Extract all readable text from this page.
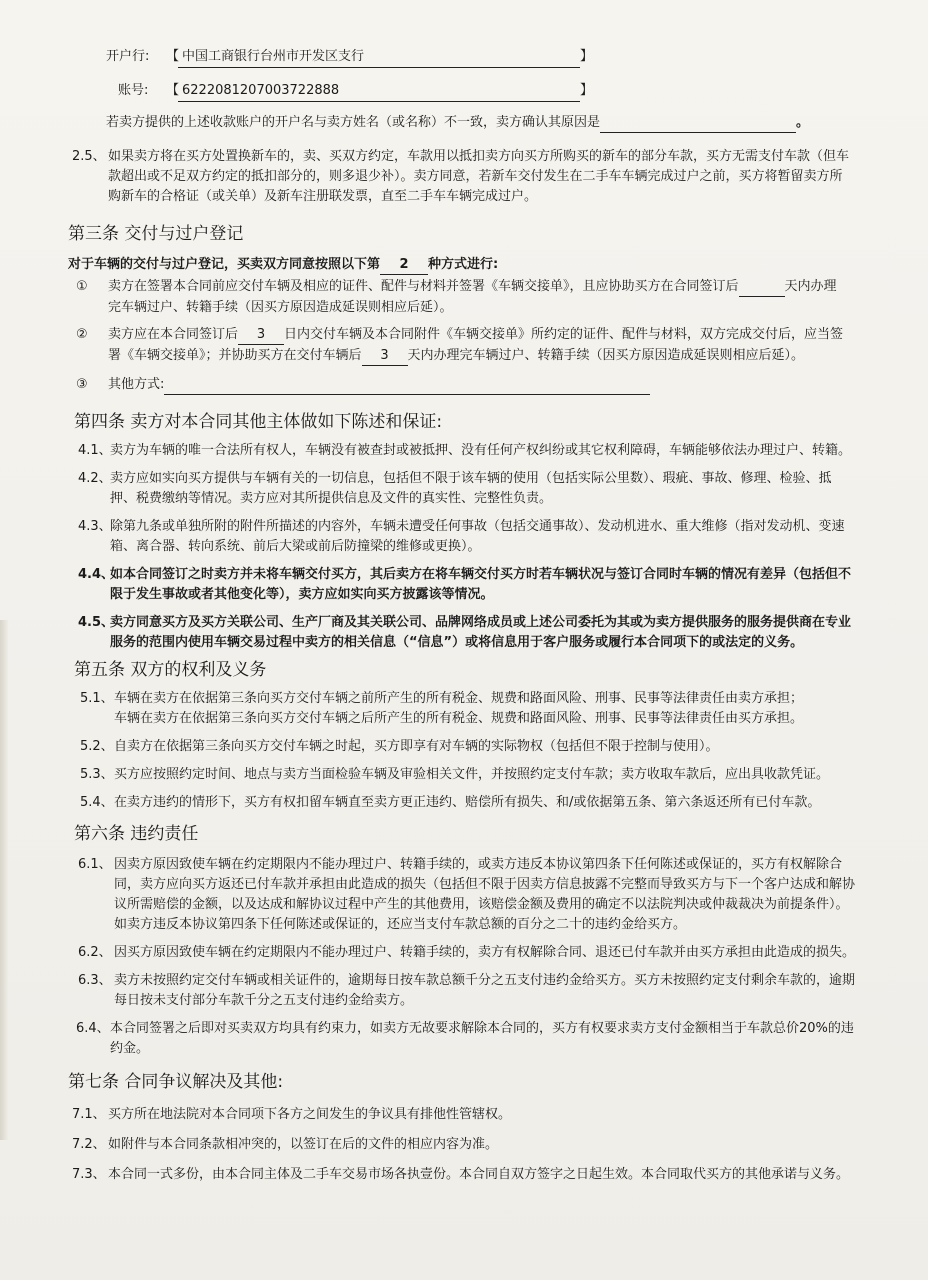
开户行: 【 中国工商银行台州市开发区支行	】
账号: 【 6222081207003722888	】
若卖方提供的上述收款账户的开户名与卖方姓名（或名称）不一致，卖方确认其原因是	。
2.5、 如果卖方将在买方处置换新车的，卖、买双方约定，车款用以抵扣卖方向买方所购买的新车的部分车款，买方无需支付车款（但车
款超出或不足双方约定的抵扣部分的，则多退少补）。卖方同意，若新车交付发生在二手车车辆完成过户之前，买方将暂留卖方所
购新车的合格证（或关单）及新车注册联发票，直至二手车车辆完成过户。
第三条 交付与过户登记
对于车辆的交付与过户登记，买卖双方同意按照以下第 2 种方式进行:
① 卖方在签署本合同前应交付车辆及相应的证件、配件与材料并签署《车辆交接单》，且应协助买方在合同签订后	天内办理
完车辆过户、转籍手续（因买方原因造成延误则相应后延）。
② 卖方应在本合同签订后 3 日内交付车辆及本合同附件《车辆交接单》所约定的证件、配件与材料，双方完成交付后，应当签
署《车辆交接单》；并协助买方在交付车辆后 3 天内办理完车辆过户、转籍手续（因买方原因造成延误则相应后延）。
③ 其他方式:
第四条 卖方对本合同其他主体做如下陈述和保证:
4.1、
卖方为车辆的唯一合法所有权人，车辆没有被查封或被抵押、没有任何产权纠纷或其它权利障碍，车辆能够依法办理过户、转籍。
4.2、
卖方应如实向买方提供与车辆有关的一切信息，包括但不限于该车辆的使用（包括实际公里数）、瑕疵、事故、修理、检验、抵
押、税费缴纳等情况。卖方应对其所提供信息及文件的真实性、完整性负责。
4.3、
除第九条或单独所附的附件所描述的内容外，车辆未遭受任何事故（包括交通事故）、发动机进水、重大维修（指对发动机、变速
箱、离合器、转向系统、前后大梁或前后防撞梁的维修或更换）。
4.4、
如本合同签订之时卖方并未将车辆交付买方，其后卖方在将车辆交付买方时若车辆状况与签订合同时车辆的情况有差异（包括但不
限于发生事故或者其他变化等），卖方应如实向买方披露该等情况。
4.5、
卖方同意买方及买方关联公司、生产厂商及其关联公司、品牌网络成员或上述公司委托为其或为卖方提供服务的服务提供商在专业
服务的范围内使用车辆交易过程中卖方的相关信息（“信息”）或将信息用于客户服务或履行本合同项下的或法定的义务。
第五条 双方的权利及义务
5.1、 车辆在卖方在依据第三条向买方交付车辆之前所产生的所有税金、规费和路面风险、刑事、民事等法律责任由卖方承担；
车辆在卖方在依据第三条向买方交付车辆之后所产生的所有税金、规费和路面风险、刑事、民事等法律责任由买方承担。
5.2、 自卖方在依据第三条向买方交付车辆之时起，买方即享有对车辆的实际物权（包括但不限于控制与使用）。
5.3、 买方应按照约定时间、地点与卖方当面检验车辆及审验相关文件，并按照约定支付车款；卖方收取车款后，应出具收款凭证。
5.4、 在卖方违约的情形下，买方有权扣留车辆直至卖方更正违约、赔偿所有损失、和/或依据第五条、第六条返还所有已付车款。
第六条 违约责任
6.1、 因卖方原因致使车辆在约定期限内不能办理过户、转籍手续的，或卖方违反本协议第四条下任何陈述或保证的，买方有权解除合
同，卖方应向买方返还已付车款并承担由此造成的损失（包括但不限于因卖方信息披露不完整而导致买方与下一个客户达成和解协
议所需赔偿的金额，以及达成和解协议过程中产生的其他费用，该赔偿金额及费用的确定不以法院判决或仲裁裁决为前提条件）。
如卖方违反本协议第四条下任何陈述或保证的，还应当支付车款总额的百分之二十的违约金给买方。
6.2、 因买方原因致使车辆在约定期限内不能办理过户、转籍手续的，卖方有权解除合同、退还已付车款并由买方承担由此造成的损失。
6.3、 卖方未按照约定交付车辆或相关证件的，逾期每日按车款总额千分之五支付违约金给买方。买方未按照约定支付剩余车款的，逾期
每日按未支付部分车款千分之五支付违约金给卖方。
6.4、 本合同签署之后即对买卖双方均具有约束力，如卖方无故要求解除本合同的，买方有权要求卖方支付金额相当于车款总价20%的违
约金。
第七条 合同争议解决及其他:
7.1、 买方所在地法院对本合同项下各方之间发生的争议具有排他性管辖权。
7.2、 如附件与本合同条款相冲突的，以签订在后的文件的相应内容为准。
7.3、 本合同一式多份，由本合同主体及二手车交易市场各执壹份。本合同自双方签字之日起生效。本合同取代买方的其他承诺与义务。
